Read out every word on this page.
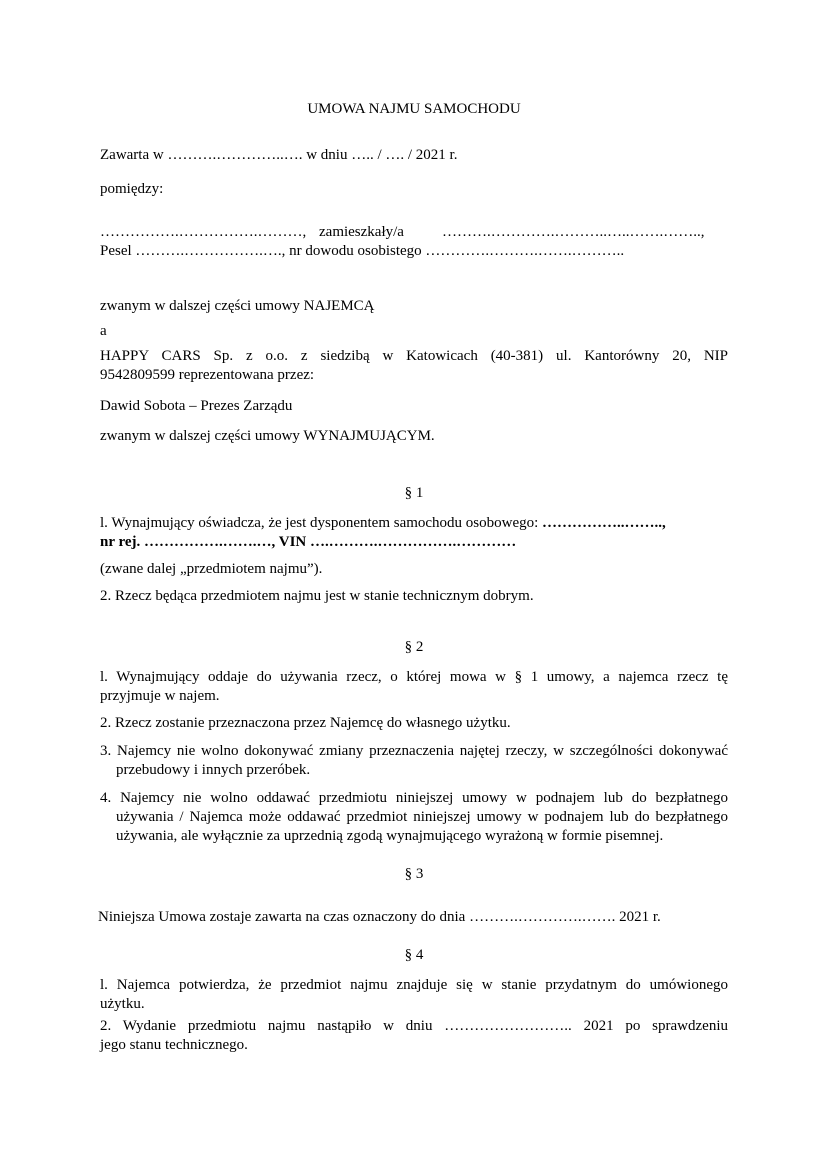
UMOWA NAJMU SAMOCHODU
Zawarta w ……….…………..…. w dniu ….. / …. / 2021 r.
pomiędzy:
…………….…………….………, zamieszkały/a	……….………….………..…..…….……..,
Pesel ……….…………….…., nr dowodu osobistego ………….……….…….………..
zwanym w dalszej części umowy NAJEMCĄ
a
HAPPY CARS Sp. z o.o. z siedzibą w Katowicach (40-381) ul. Kantorówny 20, NIP
9542809599 reprezentowana przez:
Dawid Sobota – Prezes Zarządu
zwanym w dalszej części umowy WYNAJMUJĄCYM.
§ 1
l. Wynajmujący oświadcza, że jest dysponentem samochodu osobowego: ……………..……..,
nr rej. …………….…….…, VIN ….……….…………….…………
(zwane dalej „przedmiotem najmu”).
2. Rzecz będąca przedmiotem najmu jest w stanie technicznym dobrym.
§ 2
l. Wynajmujący oddaje do używania rzecz, o której mowa w § 1 umowy, a najemca rzecz tę
przyjmuje w najem.
2. Rzecz zostanie przeznaczona przez Najemcę do własnego użytku.
3. Najemcy nie wolno dokonywać zmiany przeznaczenia najętej rzeczy, w szczególności dokonywać przebudowy i innych przeróbek.
4. Najemcy nie wolno oddawać przedmiotu niniejszej umowy w podnajem lub do bezpłatnego używania / Najemca może oddawać przedmiot niniejszej umowy w podnajem lub do bezpłatnego używania, ale wyłącznie za uprzednią zgodą wynajmującego wyrażoną w formie pisemnej.
§ 3
Niniejsza Umowa zostaje zawarta na czas oznaczony do dnia ……….………….……. 2021 r.
§ 4
l. Najemca potwierdza, że przedmiot najmu znajduje się w stanie przydatnym do umówionego
użytku.
2. Wydanie przedmiotu najmu nastąpiło w dniu …………………….. 2021 po sprawdzeniu
jego stanu technicznego.
